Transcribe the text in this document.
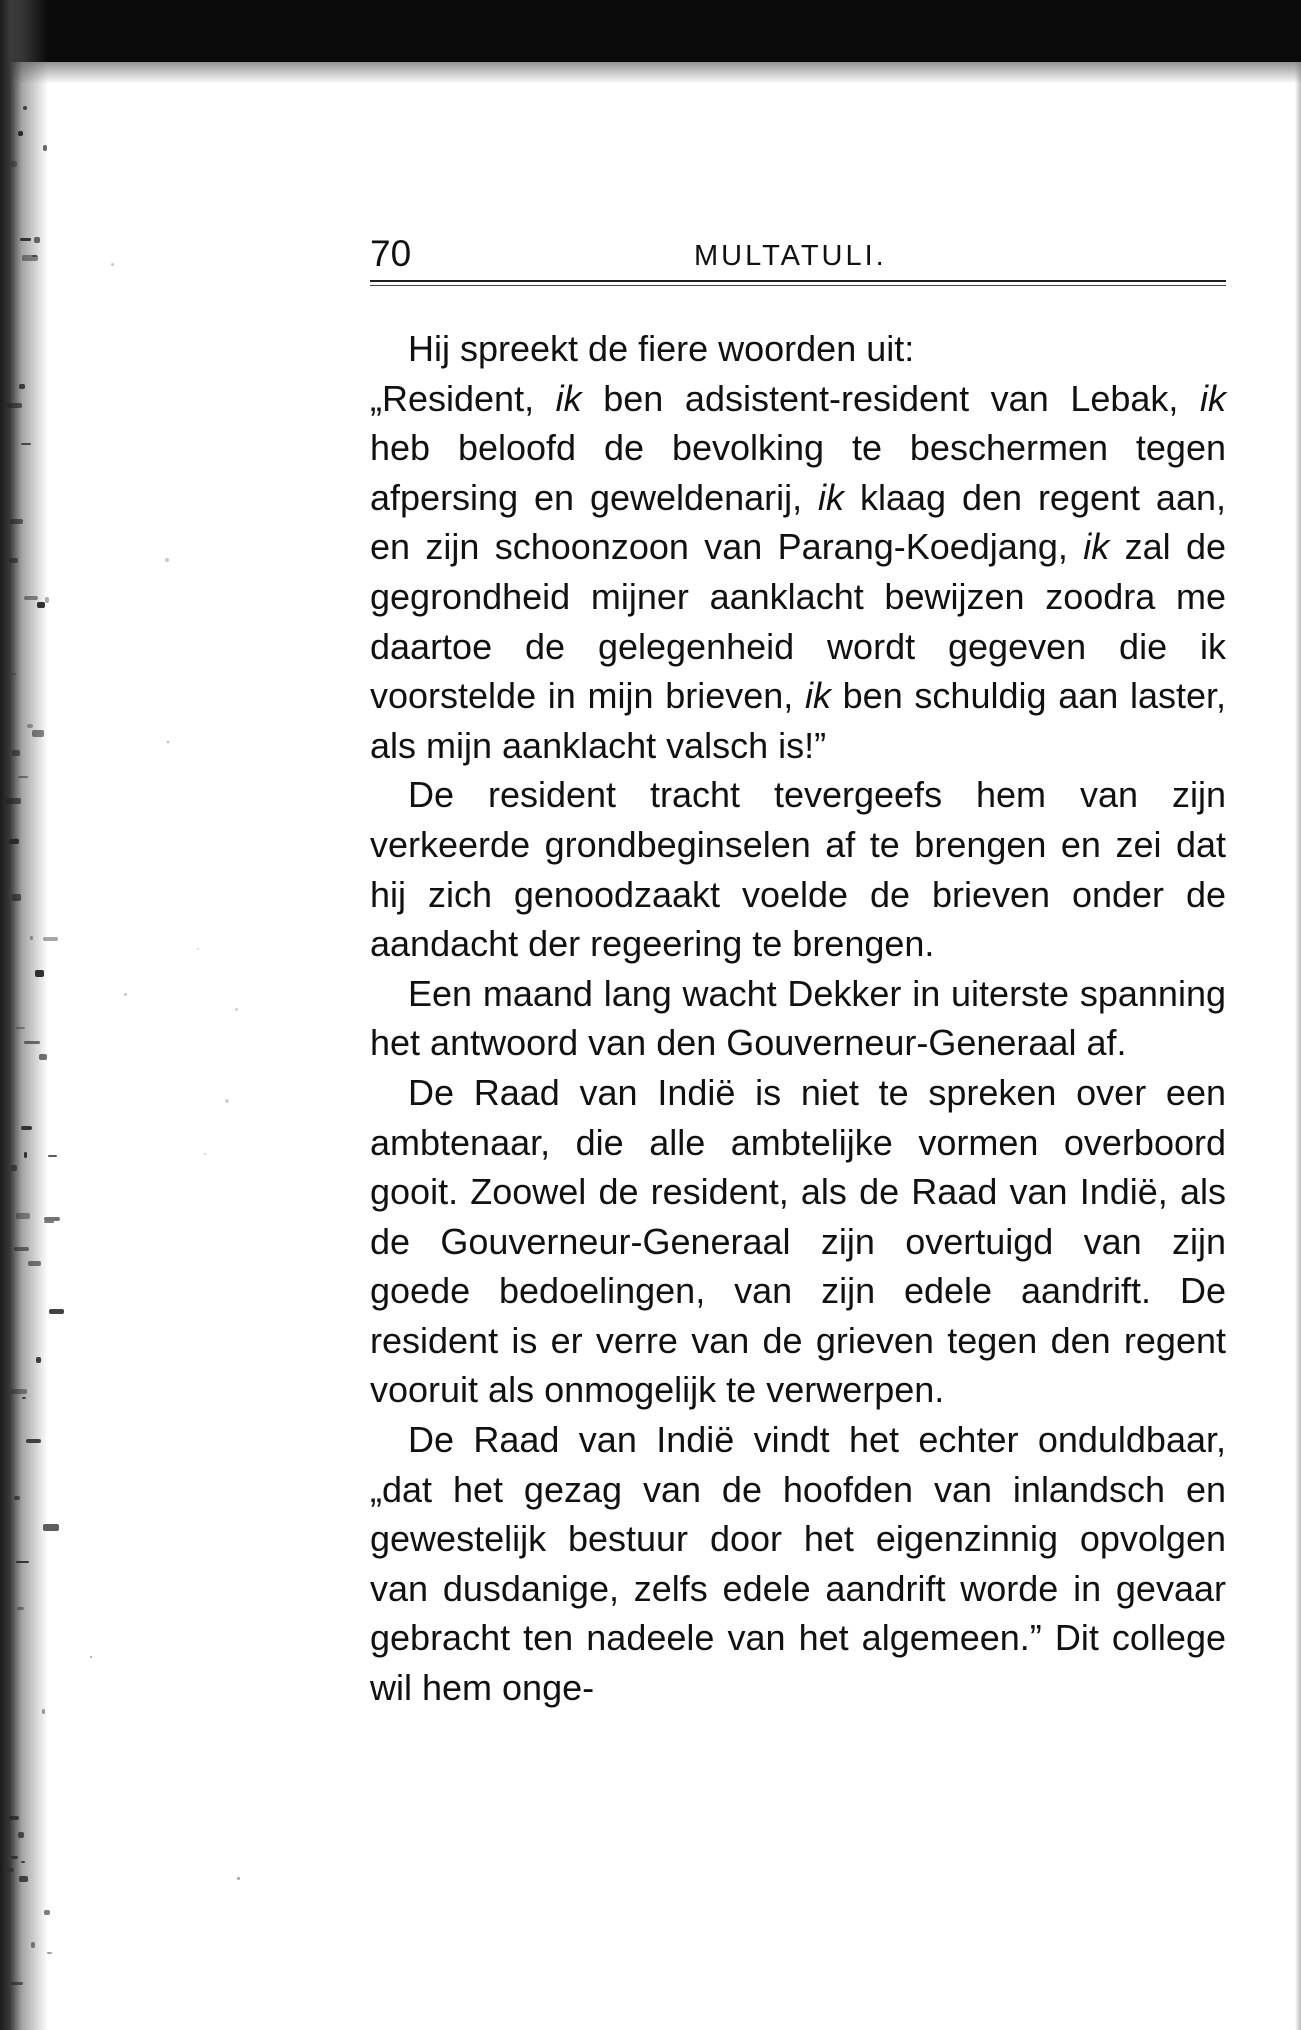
70	MULTATULI.

Hij spreekt de fiere woorden uit:

„Resident, ik ben adsistent-resident van Lebak, ik heb beloofd de bevolking te beschermen tegen afpersing en geweldenarij, ik klaag den regent aan, en zijn schoonzoon van Parang-Koedjang, ik zal de gegrondheid mijner aanklacht bewijzen zoodra me daartoe de gelegenheid wordt gegeven die ik voorstelde in mijn brieven, ik ben schuldig aan laster, als mijn aanklacht valsch is!”

De resident tracht tevergeefs hem van zijn verkeerde grondbeginselen af te brengen en zei dat hij zich genoodzaakt voelde de brieven onder de aandacht der regeering te brengen.

Een maand lang wacht Dekker in uiterste spanning het antwoord van den Gouverneur-Generaal af.

De Raad van Indië is niet te spreken over een ambtenaar, die alle ambtelijke vormen overboord gooit. Zoowel de resident, als de Raad van Indië, als de Gouverneur-Generaal zijn overtuigd van zijn goede bedoelingen, van zijn edele aandrift. De resident is er verre van de grieven tegen den regent vooruit als onmogelijk te verwerpen.

De Raad van Indië vindt het echter onduldbaar, „dat het gezag van de hoofden van inlandsch en gewestelijk bestuur door het eigenzinnig opvolgen van dusdanige, zelfs edele aandrift worde in gevaar gebracht ten nadeele van het algemeen.” Dit college wil hem onge-
